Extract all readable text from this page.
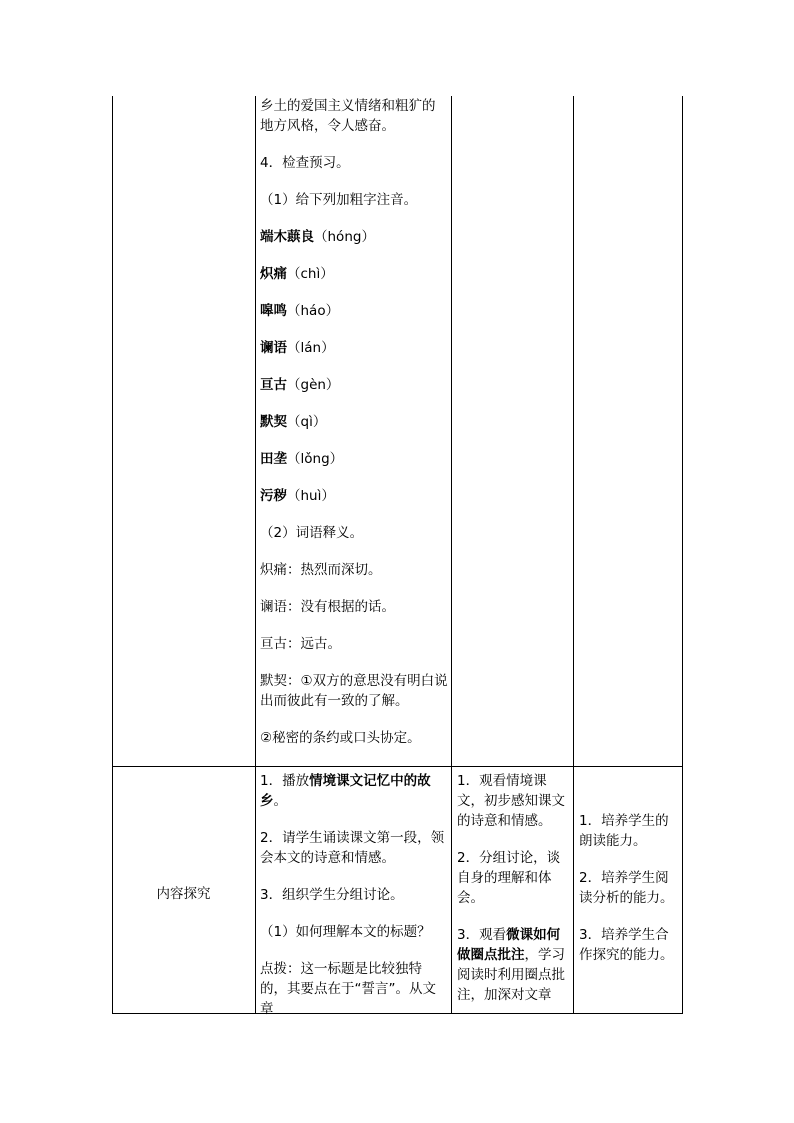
乡土的爱国主义情绪和粗犷的地方风格，令人感奋。

4．检查预习。

（1）给下列加粗字注音。

端木蕻良（hóng）

炽痛（chì）

嗥鸣（háo）

谰语（lán）

亘古（gèn）

默契（qì）

田垄（lǒng）

污秽（huì）

（2）词语释义。

炽痛：热烈而深切。

谰语：没有根据的话。

亘古：远古。

默契：①双方的意思没有明白说出而彼此有一致的了解。

②秘密的条约或口头协定。

内容探究

1．播放情境课文记忆中的故乡。

2．请学生诵读课文第一段，领会本文的诗意和情感。

3．组织学生分组讨论。

（1）如何理解本文的标题？

点拨：这一标题是比较独特的，其要点在于“誓言”。从文章

1．观看情境课文，初步感知课文的诗意和情感。

2．分组讨论，谈自身的理解和体会。

3．观看微课如何做圈点批注，学习阅读时利用圈点批注，加深对文章

1．培养学生的朗读能力。

2．培养学生阅读分析的能力。

3．培养学生合作探究的能力。
